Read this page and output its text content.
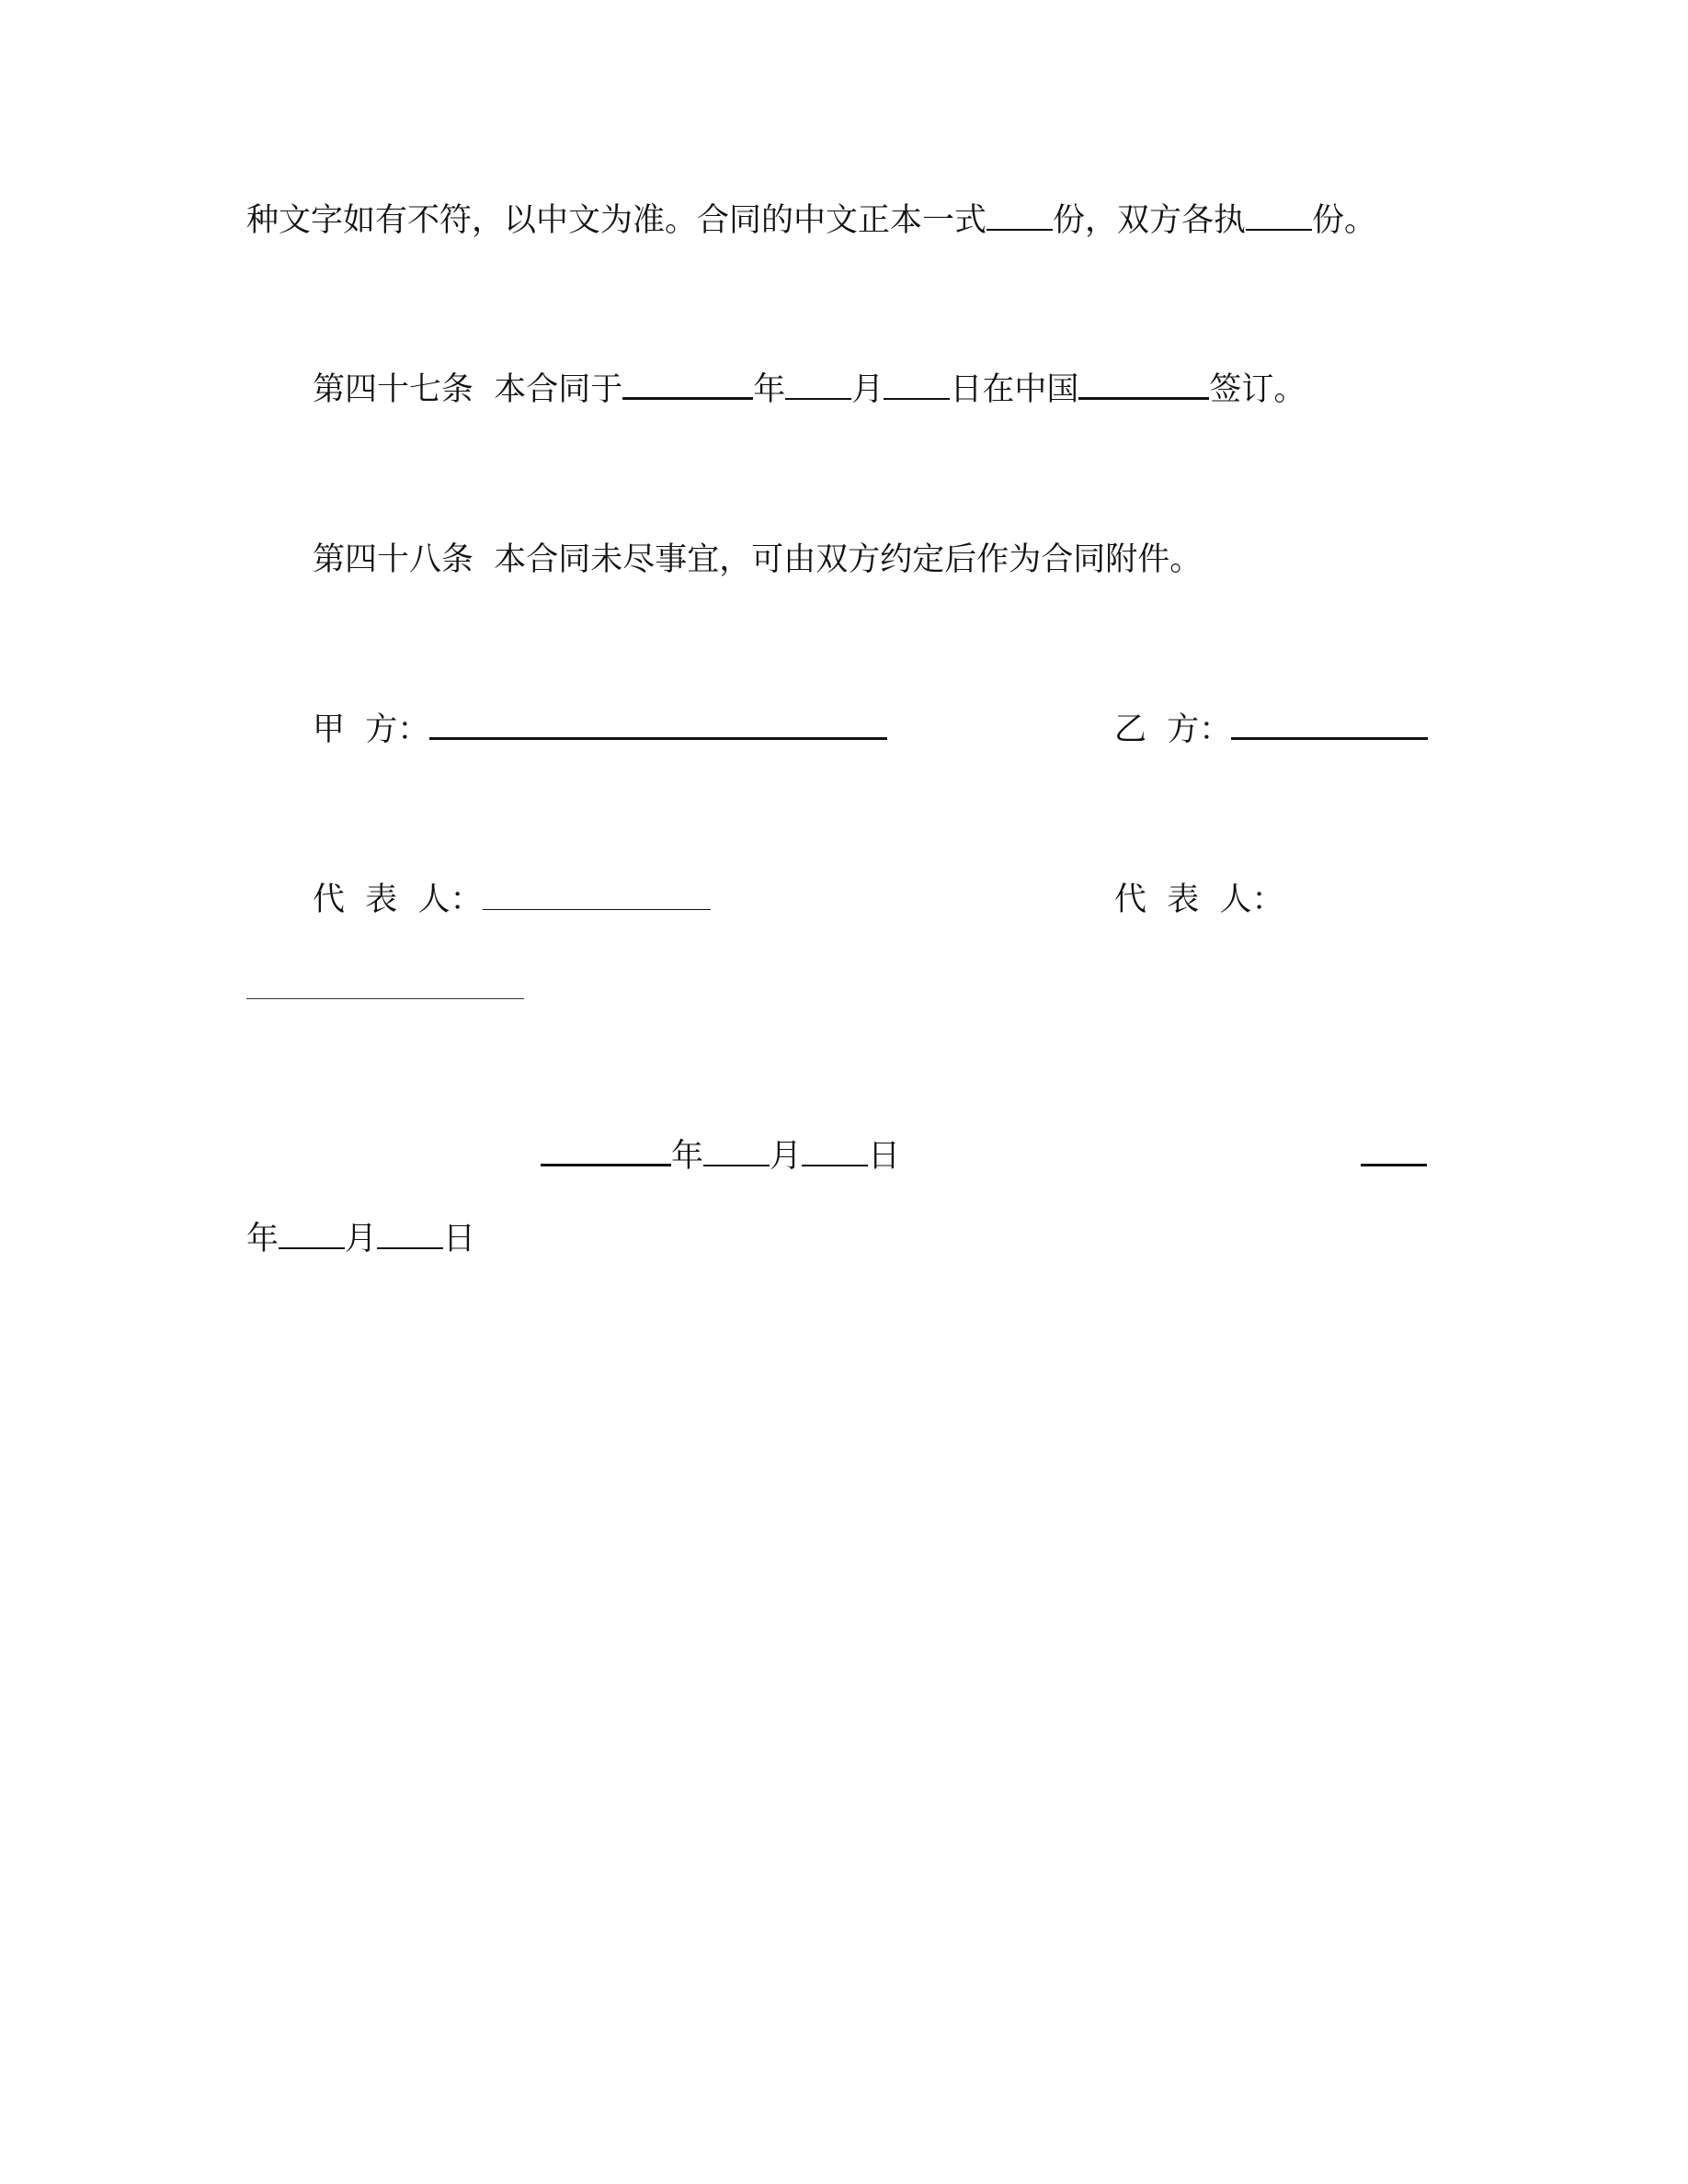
种文字如有不符，以中文为准。合同的中文正本一式 份，双方各执 份。
第四十七条 本合同于	年 月 日在中国	签订。
第四十八条 本合同未尽事宜，可由双方约定后作为合同附件。
甲  方：	乙  方：
代  表  人：	代  表  人：
年 月 日
年 月 日
